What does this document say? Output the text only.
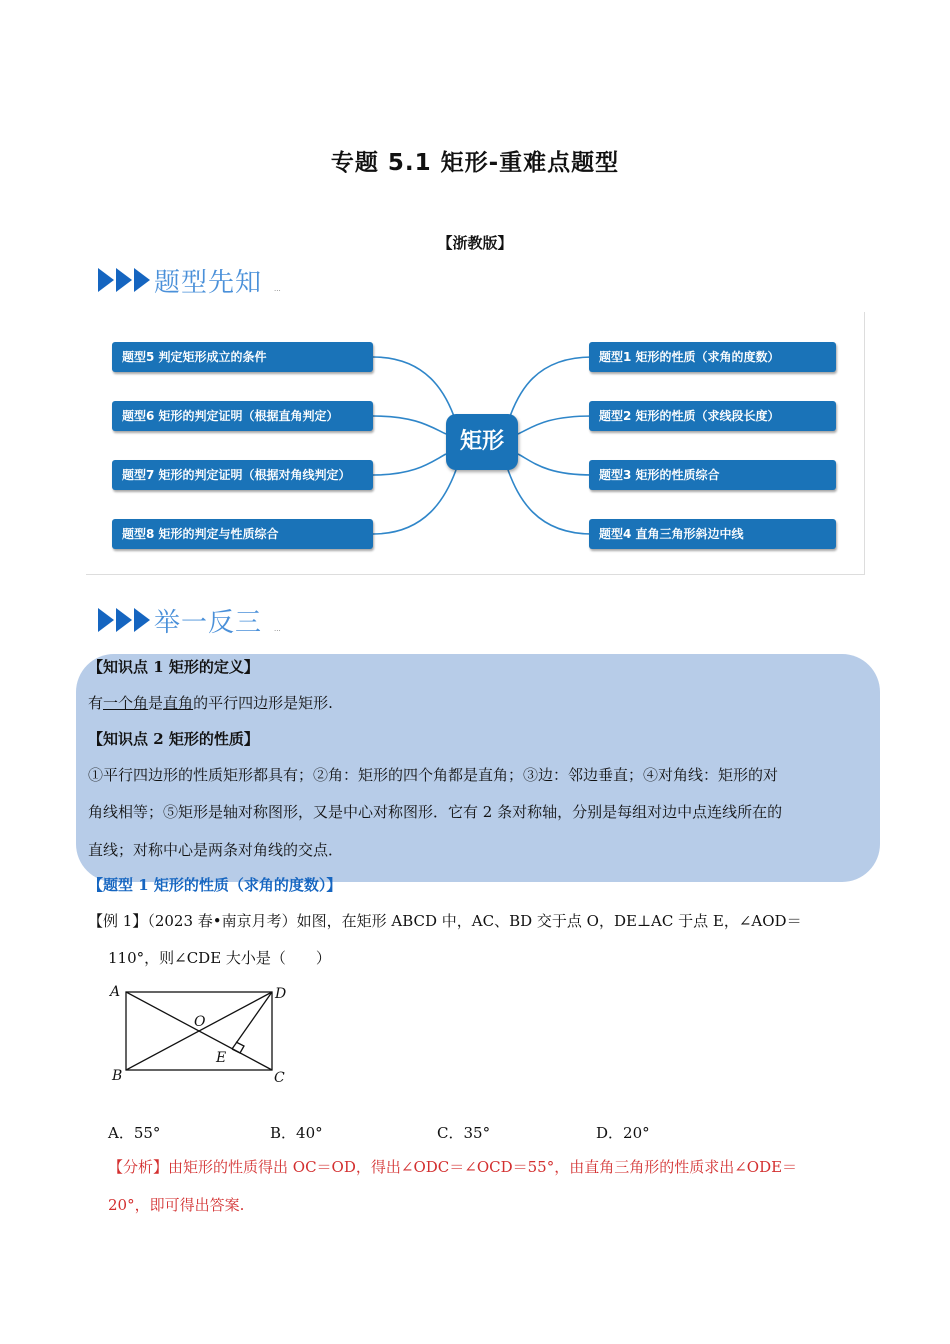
专题 5.1 矩形-重难点题型
【浙教版】
题型先知 ...
矩形
题型5 判定矩形成立的条件
题型6 矩形的判定证明（根据直角判定）
题型7 矩形的判定证明（根据对角线判定）
题型8 矩形的判定与性质综合
题型1 矩形的性质（求角的度数）
题型2 矩形的性质（求线段长度）
题型3 矩形的性质综合
题型4 直角三角形斜边中线
举一反三 ...
【知识点 1 矩形的定义】
有一个角是直角的平行四边形是矩形.
【知识点 2 矩形的性质】
①平行四边形的性质矩形都具有；②角：矩形的四个角都是直角；③边：邻边垂直；④对角线：矩形的对
角线相等；⑤矩形是轴对称图形，又是中心对称图形．它有 2 条对称轴，分别是每组对边中点连线所在的
直线；对称中心是两条对角线的交点．
【题型 1 矩形的性质（求角的度数）】
【例 1】（2023 春•南京月考）如图，在矩形 ABCD 中，AC、BD 交于点 O，DE⊥AC 于点 E，∠AOD＝
110°，则∠CDE 大小是（　　）
A
B	C
D
O
E
A．55°	B．40°	C．35°	D．20°
【分析】由矩形的性质得出 OC＝OD，得出∠ODC＝∠OCD＝55°，由直角三角形的性质求出∠ODE＝
20°，即可得出答案.
